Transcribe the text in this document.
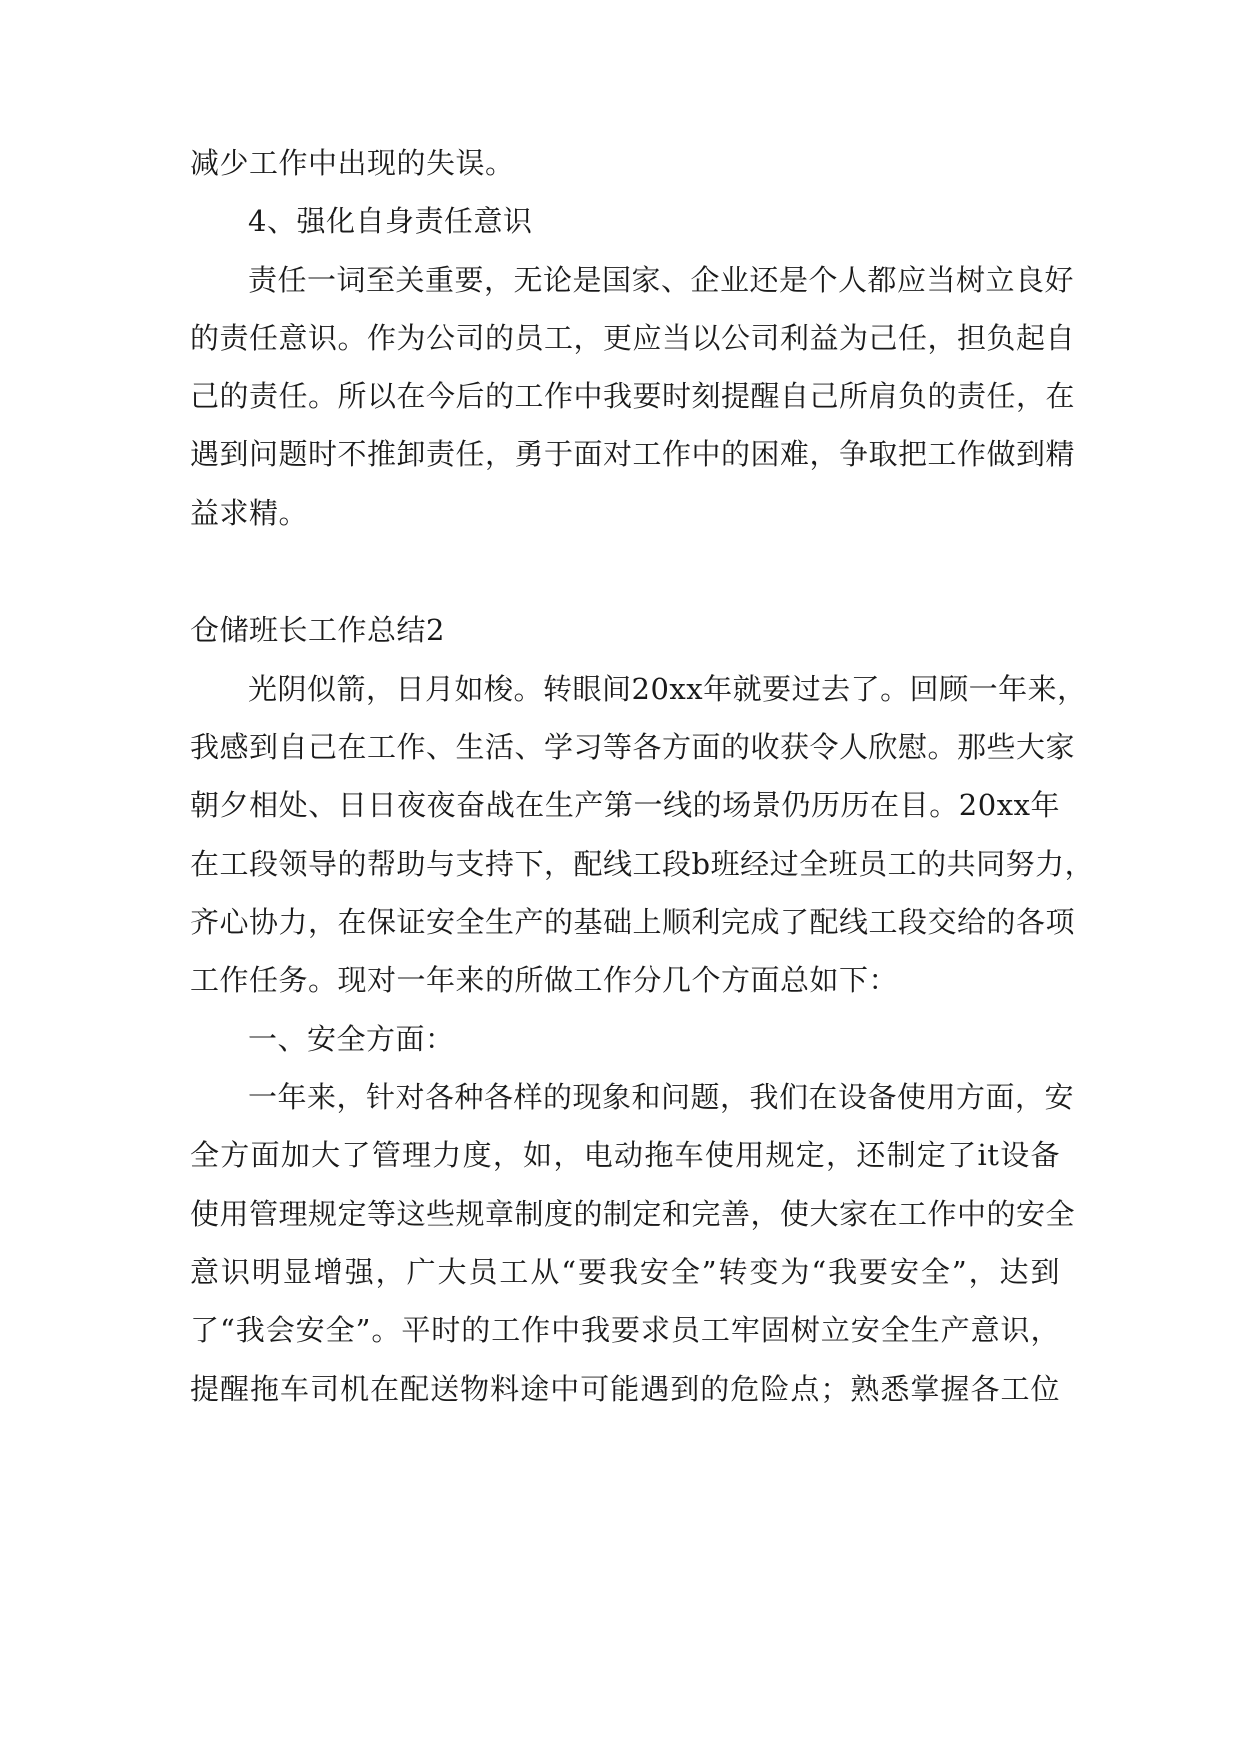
减少工作中出现的失误。
4、强化自身责任意识
责任一词至关重要，无论是国家、企业还是个人都应当树立良好
的责任意识。作为公司的员工，更应当以公司利益为己任，担负起自
己的责任。所以在今后的工作中我要时刻提醒自己所肩负的责任，在
遇到问题时不推卸责任，勇于面对工作中的困难，争取把工作做到精
益求精。
仓储班长工作总结2
光阴似箭，日月如梭。转眼间20xx年就要过去了。回顾一年来，
我感到自己在工作、生活、学习等各方面的收获令人欣慰。那些大家
朝夕相处、日日夜夜奋战在生产第一线的场景仍历历在目。20xx年
在工段领导的帮助与支持下，配线工段b班经过全班员工的共同努力，
齐心协力，在保证安全生产的基础上顺利完成了配线工段交给的各项
工作任务。现对一年来的所做工作分几个方面总如下：
一、安全方面：
一年来，针对各种各样的现象和问题，我们在设备使用方面，安
全方面加大了管理力度，如，电动拖车使用规定，还制定了it设备
使用管理规定等这些规章制度的制定和完善，使大家在工作中的安全
意识明显增强，广大员工从“要我安全”转变为“我要安全”，达到
了“我会安全”。平时的工作中我要求员工牢固树立安全生产意识，
提醒拖车司机在配送物料途中可能遇到的危险点；熟悉掌握各工位
